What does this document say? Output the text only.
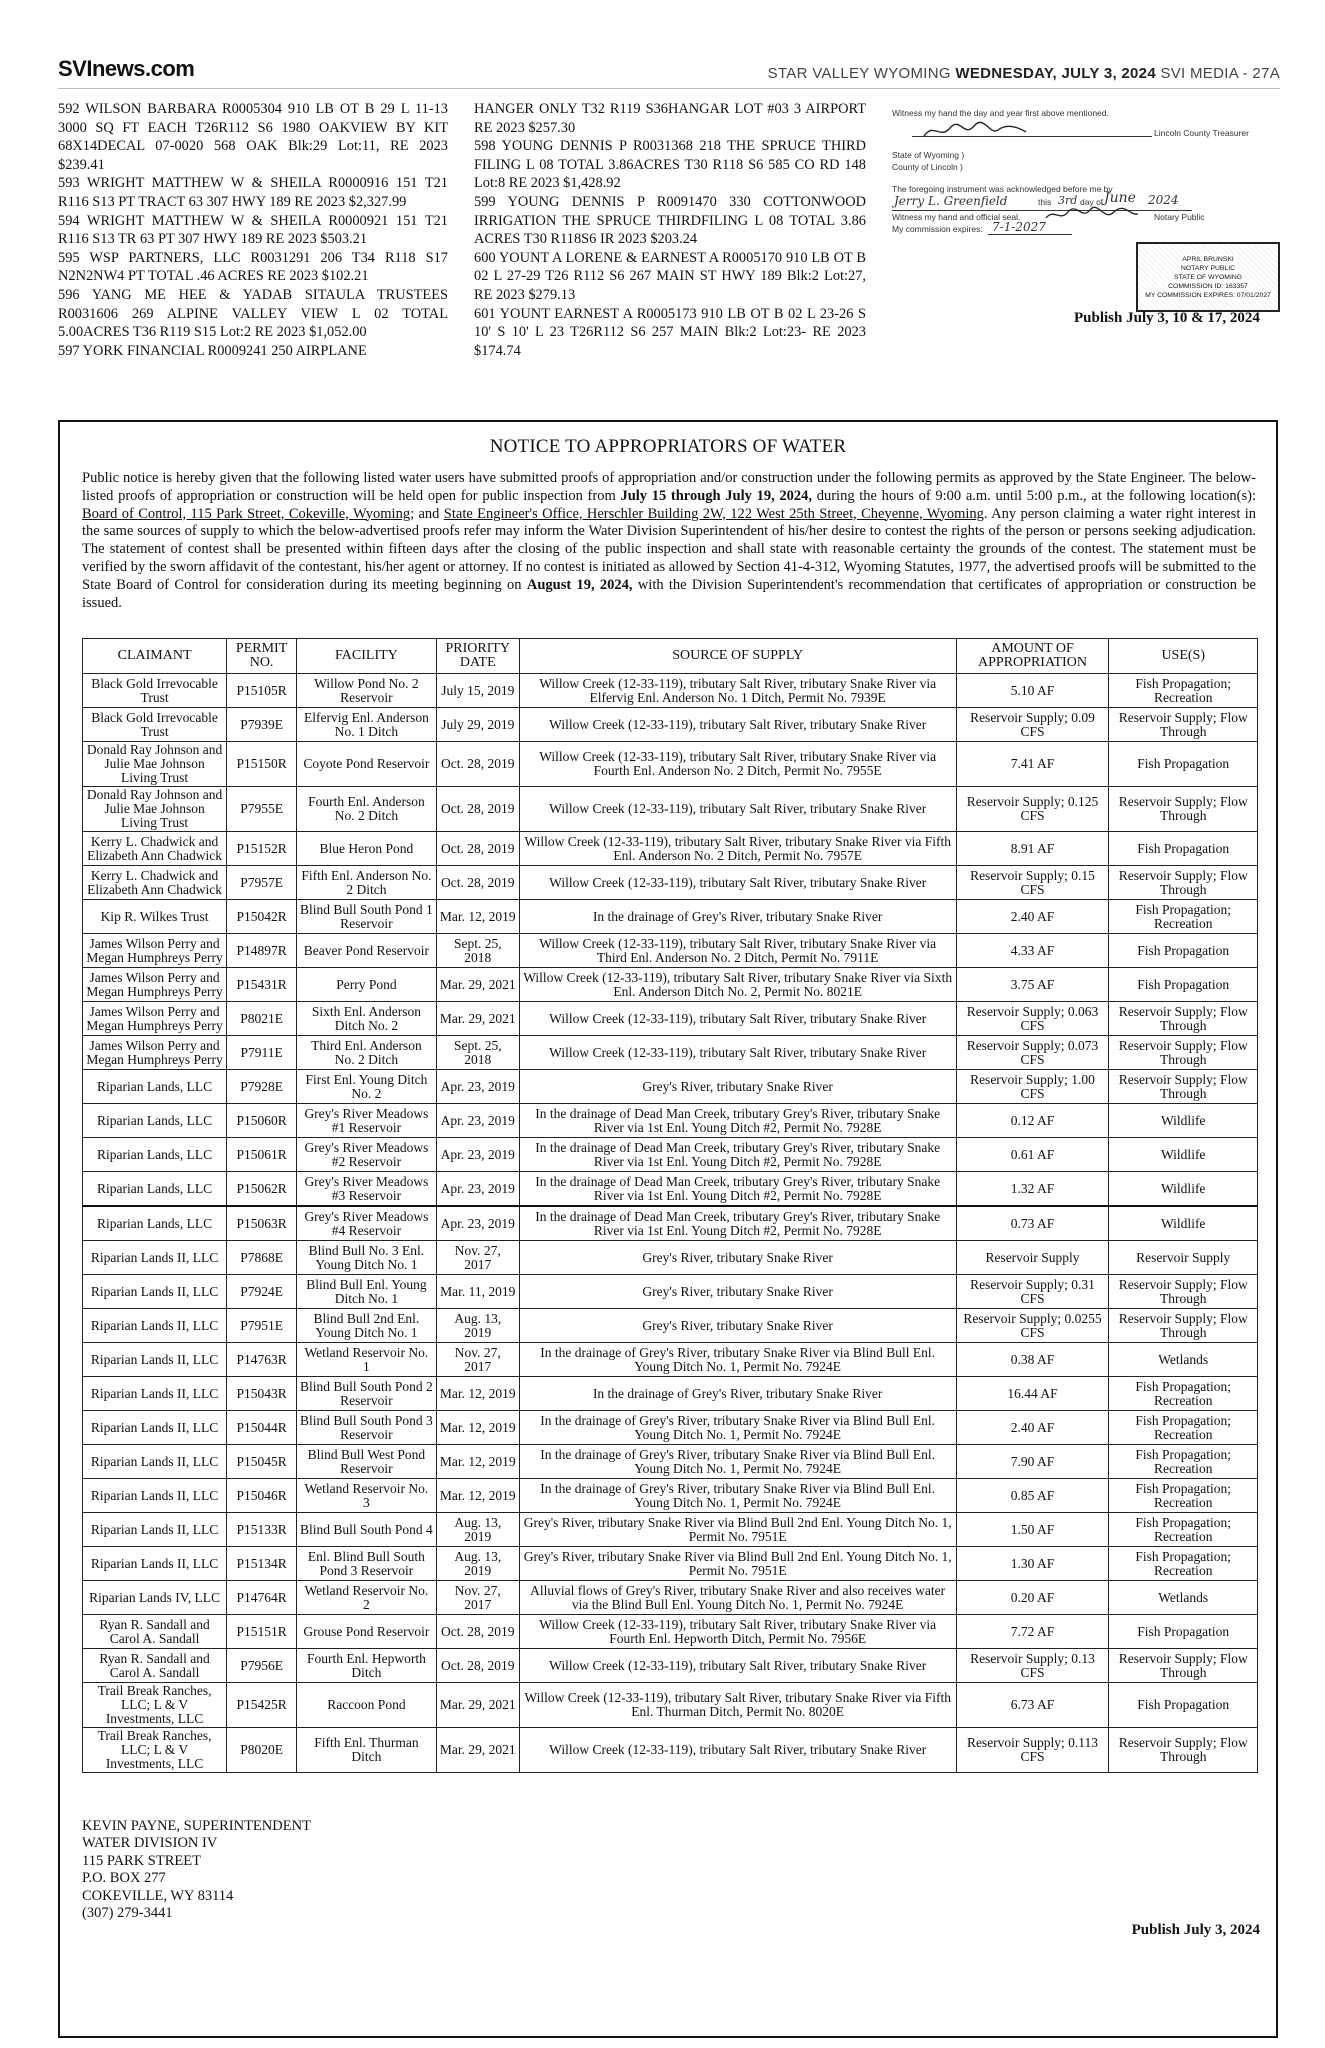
SVInews.com	STAR VALLEY WYOMING WEDNESDAY, JULY 3, 2024 SVI MEDIA - 27A

592 WILSON BARBARA R0005304 910 LB OT B 29 L 11-13 3000 SQ FT EACH T26R112 S6 1980 OAKVIEW BY KIT 68X14DECAL 07-0020 568 OAK Blk:29 Lot:11, RE 2023 $239.41

593 WRIGHT MATTHEW W & SHEILA R0000916 151 T21 R116 S13 PT TRACT 63 307 HWY 189 RE 2023 $2,327.99

594 WRIGHT MATTHEW W & SHEILA R0000921 151 T21 R116 S13 TR 63 PT 307 HWY 189 RE 2023 $503.21

595 WSP PARTNERS, LLC R0031291 206 T34 R118 S17 N2N2NW4 PT TOTAL .46 ACRES RE 2023 $102.21

596 YANG ME HEE & YADAB SITAULA TRUSTEES R0031606 269 ALPINE VALLEY VIEW L 02 TOTAL 5.00ACRES T36 R119 S15 Lot:2 RE 2023 $1,052.00

597 YORK FINANCIAL R0009241 250 AIRPLANE

HANGER ONLY T32 R119 S36HANGAR LOT #03 3 AIRPORT RE 2023 $257.30

598 YOUNG DENNIS P R0031368 218 THE SPRUCE THIRD FILING L 08 TOTAL 3.86ACRES T30 R118 S6 585 CO RD 148 Lot:8 RE 2023 $1,428.92

599 YOUNG DENNIS P R0091470 330 COTTONWOOD IRRIGATION THE SPRUCE THIRDFILING L 08 TOTAL 3.86 ACRES T30 R118S6 IR 2023 $203.24

600 YOUNT A LORENE & EARNEST A R0005170 910 LB OT B 02 L 27-29 T26 R112 S6 267 MAIN ST HWY 189 Blk:2 Lot:27, RE 2023 $279.13

601 YOUNT EARNEST A R0005173 910 LB OT B 02 L 23-26 S 10' S 10' L 23 T26R112 S6 257 MAIN Blk:2 Lot:23- RE 2023 $174.74

Witness my hand the day and year first above mentioned.
Lincoln County Treasurer
State of Wyoming )
County of Lincoln )
The foregoing instrument was acknowledged before me by
Jerry L. Greenfield	this 3rd day of June 2024
Witness my hand and official seal.	Notary Public
My commission expires: 7-1-2027
APRIL BRUNSKI
NOTARY PUBLIC
STATE OF WYOMING
COMMISSION ID: 163357
MY COMMISSION EXPIRES: 07/01/2027
Publish July 3, 10 & 17, 2024
NOTICE TO APPROPRIATORS OF WATER
Public notice is hereby given that the following listed water users have submitted proofs of appropriation and/or construction under the following permits as approved by the State Engineer. The below-listed proofs of appropriation or construction will be held open for public inspection from July 15 through July 19, 2024, during the hours of 9:00 a.m. until 5:00 p.m., at the following location(s): Board of Control, 115 Park Street, Cokeville, Wyoming; and State Engineer's Office, Herschler Building 2W, 122 West 25th Street, Cheyenne, Wyoming. Any person claiming a water right interest in the same sources of supply to which the below-advertised proofs refer may inform the Water Division Superintendent of his/her desire to contest the rights of the person or persons seeking adjudication. The statement of contest shall be presented within fifteen days after the closing of the public inspection and shall state with reasonable certainty the grounds of the contest. The statement must be verified by the sworn affidavit of the contestant, his/her agent or attorney. If no contest is initiated as allowed by Section 41-4-312, Wyoming Statutes, 1977, the advertised proofs will be submitted to the State Board of Control for consideration during its meeting beginning on August 19, 2024, with the Division Superintendent's recommendation that certificates of appropriation or construction be issued.
CLAIMANT	PERMIT NO.	FACILITY	PRIORITY DATE	SOURCE OF SUPPLY	AMOUNT OF APPROPRIATION	USE(S)
Black Gold Irrevocable Trust	P15105R	Willow Pond No. 2 Reservoir	July 15, 2019	Willow Creek (12-33-119), tributary Salt River, tributary Snake River via Elfervig Enl. Anderson No. 1 Ditch, Permit No. 7939E	5.10 AF	Fish Propagation; Recreation
Black Gold Irrevocable Trust	P7939E	Elfervig Enl. Anderson No. 1 Ditch	July 29, 2019	Willow Creek (12-33-119), tributary Salt River, tributary Snake River	Reservoir Supply; 0.09 CFS	Reservoir Supply; Flow Through
Donald Ray Johnson and Julie Mae Johnson Living Trust	P15150R	Coyote Pond Reservoir	Oct. 28, 2019	Willow Creek (12-33-119), tributary Salt River, tributary Snake River via Fourth Enl. Anderson No. 2 Ditch, Permit No. 7955E	7.41 AF	Fish Propagation
Donald Ray Johnson and Julie Mae Johnson Living Trust	P7955E	Fourth Enl. Anderson No. 2 Ditch	Oct. 28, 2019	Willow Creek (12-33-119), tributary Salt River, tributary Snake River	Reservoir Supply; 0.125 CFS	Reservoir Supply; Flow Through
Kerry L. Chadwick and Elizabeth Ann Chadwick	P15152R	Blue Heron Pond	Oct. 28, 2019	Willow Creek (12-33-119), tributary Salt River, tributary Snake River via Fifth Enl. Anderson No. 2 Ditch, Permit No. 7957E	8.91 AF	Fish Propagation
Kerry L. Chadwick and Elizabeth Ann Chadwick	P7957E	Fifth Enl. Anderson No. 2 Ditch	Oct. 28, 2019	Willow Creek (12-33-119), tributary Salt River, tributary Snake River	Reservoir Supply; 0.15 CFS	Reservoir Supply; Flow Through
Kip R. Wilkes Trust	P15042R	Blind Bull South Pond 1 Reservoir	Mar. 12, 2019	In the drainage of Grey's River, tributary Snake River	2.40 AF	Fish Propagation; Recreation
James Wilson Perry and Megan Humphreys Perry	P14897R	Beaver Pond Reservoir	Sept. 25, 2018	Willow Creek (12-33-119), tributary Salt River, tributary Snake River via Third Enl. Anderson No. 2 Ditch, Permit No. 7911E	4.33 AF	Fish Propagation
James Wilson Perry and Megan Humphreys Perry	P15431R	Perry Pond	Mar. 29, 2021	Willow Creek (12-33-119), tributary Salt River, tributary Snake River via Sixth Enl. Anderson Ditch No. 2, Permit No. 8021E	3.75 AF	Fish Propagation
James Wilson Perry and Megan Humphreys Perry	P8021E	Sixth Enl. Anderson Ditch No. 2	Mar. 29, 2021	Willow Creek (12-33-119), tributary Salt River, tributary Snake River	Reservoir Supply; 0.063 CFS	Reservoir Supply; Flow Through
James Wilson Perry and Megan Humphreys Perry	P7911E	Third Enl. Anderson No. 2 Ditch	Sept. 25, 2018	Willow Creek (12-33-119), tributary Salt River, tributary Snake River	Reservoir Supply; 0.073 CFS	Reservoir Supply; Flow Through
Riparian Lands, LLC	P7928E	First Enl. Young Ditch No. 2	Apr. 23, 2019	Grey's River, tributary Snake River	Reservoir Supply; 1.00 CFS	Reservoir Supply; Flow Through
Riparian Lands, LLC	P15060R	Grey's River Meadows #1 Reservoir	Apr. 23, 2019	In the drainage of Dead Man Creek, tributary Grey's River, tributary Snake River via 1st Enl. Young Ditch #2, Permit No. 7928E	0.12 AF	Wildlife
Riparian Lands, LLC	P15061R	Grey's River Meadows #2 Reservoir	Apr. 23, 2019	In the drainage of Dead Man Creek, tributary Grey's River, tributary Snake River via 1st Enl. Young Ditch #2, Permit No. 7928E	0.61 AF	Wildlife
Riparian Lands, LLC	P15062R	Grey's River Meadows #3 Reservoir	Apr. 23, 2019	In the drainage of Dead Man Creek, tributary Grey's River, tributary Snake River via 1st Enl. Young Ditch #2, Permit No. 7928E	1.32 AF	Wildlife
Riparian Lands, LLC	P15063R	Grey's River Meadows #4 Reservoir	Apr. 23, 2019	In the drainage of Dead Man Creek, tributary Grey's River, tributary Snake River via 1st Enl. Young Ditch #2, Permit No. 7928E	0.73 AF	Wildlife
Riparian Lands II, LLC	P7868E	Blind Bull No. 3 Enl. Young Ditch No. 1	Nov. 27, 2017	Grey's River, tributary Snake River	Reservoir Supply	Reservoir Supply
Riparian Lands II, LLC	P7924E	Blind Bull Enl. Young Ditch No. 1	Mar. 11, 2019	Grey's River, tributary Snake River	Reservoir Supply; 0.31 CFS	Reservoir Supply; Flow Through
Riparian Lands II, LLC	P7951E	Blind Bull 2nd Enl. Young Ditch No. 1	Aug. 13, 2019	Grey's River, tributary Snake River	Reservoir Supply; 0.0255 CFS	Reservoir Supply; Flow Through
Riparian Lands II, LLC	P14763R	Wetland Reservoir No. 1	Nov. 27, 2017	In the drainage of Grey's River, tributary Snake River via Blind Bull Enl. Young Ditch No. 1, Permit No. 7924E	0.38 AF	Wetlands
Riparian Lands II, LLC	P15043R	Blind Bull South Pond 2 Reservoir	Mar. 12, 2019	In the drainage of Grey's River, tributary Snake River	16.44 AF	Fish Propagation; Recreation
Riparian Lands II, LLC	P15044R	Blind Bull South Pond 3 Reservoir	Mar. 12, 2019	In the drainage of Grey's River, tributary Snake River via Blind Bull Enl. Young Ditch No. 1, Permit No. 7924E	2.40 AF	Fish Propagation; Recreation
Riparian Lands II, LLC	P15045R	Blind Bull West Pond Reservoir	Mar. 12, 2019	In the drainage of Grey's River, tributary Snake River via Blind Bull Enl. Young Ditch No. 1, Permit No. 7924E	7.90 AF	Fish Propagation; Recreation
Riparian Lands II, LLC	P15046R	Wetland Reservoir No. 3	Mar. 12, 2019	In the drainage of Grey's River, tributary Snake River via Blind Bull Enl. Young Ditch No. 1, Permit No. 7924E	0.85 AF	Fish Propagation; Recreation
Riparian Lands II, LLC	P15133R	Blind Bull South Pond 4	Aug. 13, 2019	Grey's River, tributary Snake River via Blind Bull 2nd Enl. Young Ditch No. 1, Permit No. 7951E	1.50 AF	Fish Propagation; Recreation
Riparian Lands II, LLC	P15134R	Enl. Blind Bull South Pond 3 Reservoir	Aug. 13, 2019	Grey's River, tributary Snake River via Blind Bull 2nd Enl. Young Ditch No. 1, Permit No. 7951E	1.30 AF	Fish Propagation; Recreation
Riparian Lands IV, LLC	P14764R	Wetland Reservoir No. 2	Nov. 27, 2017	Alluvial flows of Grey's River, tributary Snake River and also receives water via the Blind Bull Enl. Young Ditch No. 1, Permit No. 7924E	0.20 AF	Wetlands
Ryan R. Sandall and Carol A. Sandall	P15151R	Grouse Pond Reservoir	Oct. 28, 2019	Willow Creek (12-33-119), tributary Salt River, tributary Snake River via Fourth Enl. Hepworth Ditch, Permit No. 7956E	7.72 AF	Fish Propagation
Ryan R. Sandall and Carol A. Sandall	P7956E	Fourth Enl. Hepworth Ditch	Oct. 28, 2019	Willow Creek (12-33-119), tributary Salt River, tributary Snake River	Reservoir Supply; 0.13 CFS	Reservoir Supply; Flow Through
Trail Break Ranches, LLC; L & V Investments, LLC	P15425R	Raccoon Pond	Mar. 29, 2021	Willow Creek (12-33-119), tributary Salt River, tributary Snake River via Fifth Enl. Thurman Ditch, Permit No. 8020E	6.73 AF	Fish Propagation
Trail Break Ranches, LLC; L & V Investments, LLC	P8020E	Fifth Enl. Thurman Ditch	Mar. 29, 2021	Willow Creek (12-33-119), tributary Salt River, tributary Snake River	Reservoir Supply; 0.113 CFS	Reservoir Supply; Flow Through
KEVIN PAYNE, SUPERINTENDENT
WATER DIVISION IV
115 PARK STREET
P.O. BOX 277
COKEVILLE, WY 83114
(307) 279-3441
Publish July 3, 2024
